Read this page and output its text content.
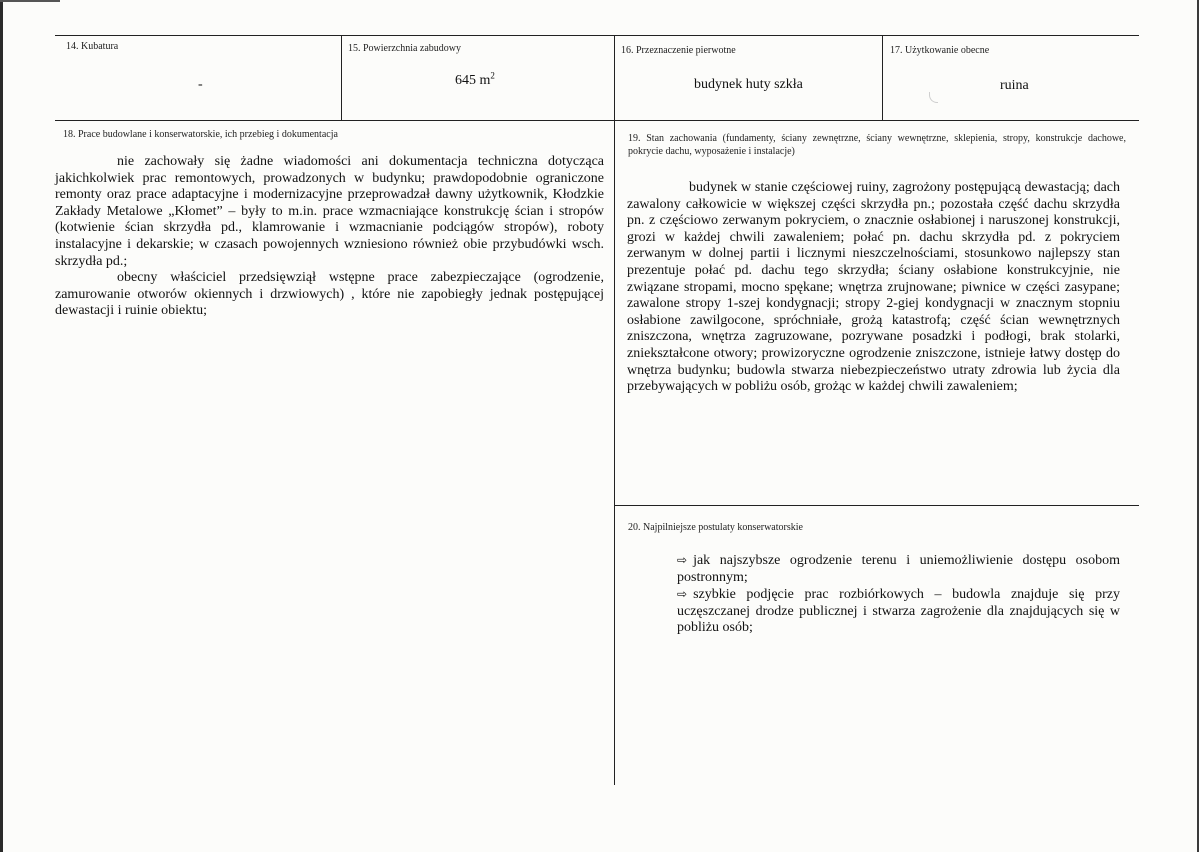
14. Kubatura
-
15. Powierzchnia zabudowy
645 $m^2$
16. Przeznaczenie pierwotne
budynek huty szkła
17. Użytkowanie obecne
ruina
18. Prace budowlane i konserwatorskie, ich przebieg i dokumentacja

nie zachowały się żadne wiadomości ani dokumentacja techniczna dotycząca jakichkolwiek prac remontowych, prowadzonych w budynku; prawdopodobnie ograniczone remonty oraz prace adaptacyjne i modernizacyjne przeprowadzał dawny użytkownik, Kłodzkie Zakłady Metalowe „Kłomet” – były to m.in. prace wzmacniające konstrukcję ścian i stropów (kotwienie ścian skrzydła pd., klamrowanie i wzmacnianie podciągów stropów), roboty instalacyjne i dekarskie; w czasach powojennych wzniesiono również obie przybudówki wsch. skrzydła pd.;

obecny właściciel przedsięwziął wstępne prace zabezpieczające (ogrodzenie, zamurowanie otworów okiennych i drzwiowych) , które nie zapobiegły jednak postępującej dewastacji i ruinie obiektu;

19. Stan zachowania (fundamenty, ściany zewnętrzne, ściany wewnętrzne, sklepienia, stropy, konstrukcje dachowe, pokrycie dachu, wyposażenie i instalacje)

budynek w stanie częściowej ruiny, zagrożony postępującą dewastacją; dach zawalony całkowicie w większej części skrzydła pn.; pozostała część dachu skrzydła pn. z częściowo zerwanym pokryciem, o znacznie osłabionej i naruszonej konstrukcji, grozi w każdej chwili zawaleniem; połać pn. dachu skrzydła pd. z pokryciem zerwanym w dolnej partii i licznymi nieszczelnościami, stosunkowo najlepszy stan prezentuje połać pd. dachu tego skrzydła; ściany osłabione konstrukcyjnie, nie związane stropami, mocno spękane; wnętrza zrujnowane; piwnice w części zasypane; zawalone stropy 1-szej kondygnacji; stropy 2-giej kondygnacji w znacznym stopniu osłabione zawilgocone, spróchniałe, grożą katastrofą; część ścian wewnętrznych zniszczona, wnętrza zagruzowane, pozrywane posadzki i podłogi, brak stolarki, zniekształcone otwory; prowizoryczne ogrodzenie zniszczone, istnieje łatwy dostęp do wnętrza budynku; budowla stwarza niebezpieczeństwo utraty zdrowia lub życia dla przebywających w pobliżu osób, grożąc w każdej chwili zawaleniem;

20. Najpilniejsze postulaty konserwatorskie
⇨ jak najszybsze ogrodzenie terenu i uniemożliwienie dostępu osobom postronnym;
⇨ szybkie podjęcie prac rozbiórkowych – budowla znajduje się przy uczęszczanej drodze publicznej i stwarza zagrożenie dla znajdujących się w pobliżu osób;
